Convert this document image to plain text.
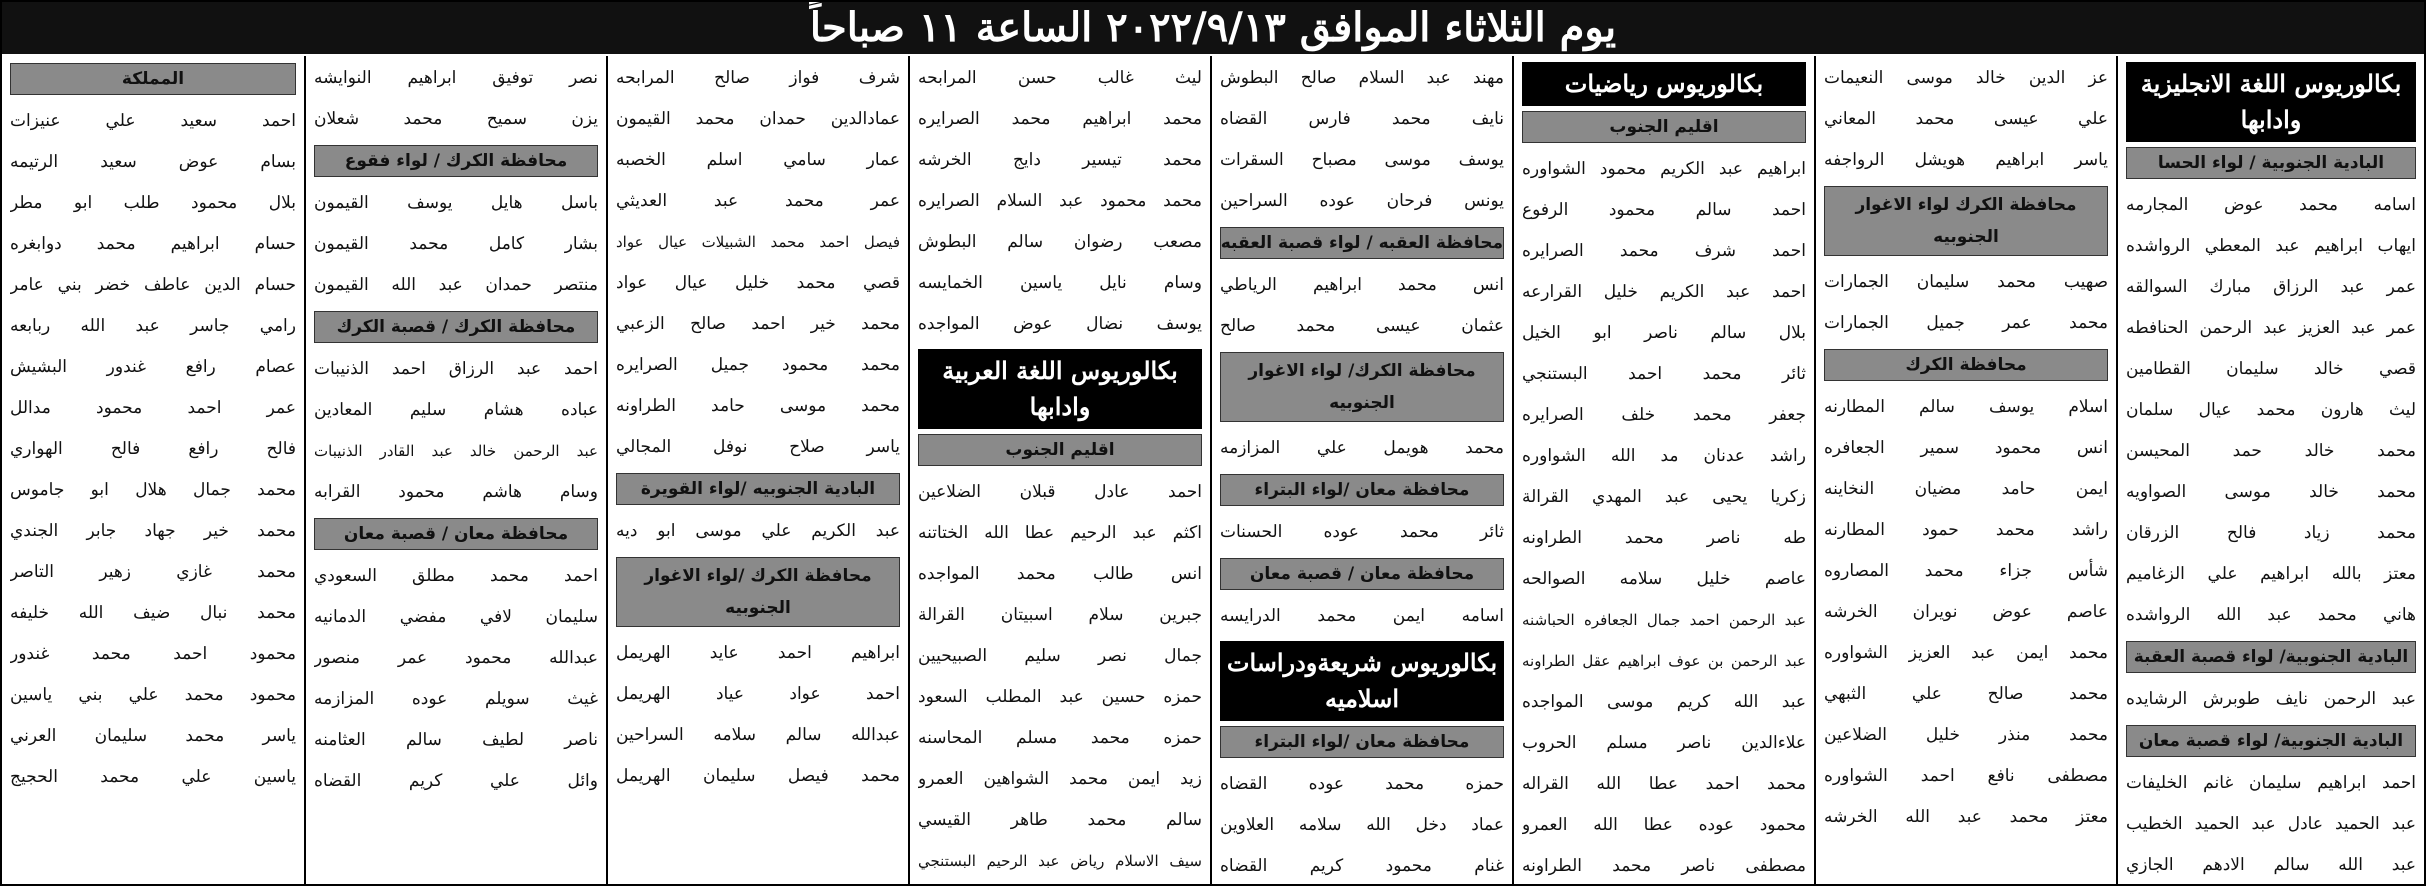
يوم الثلاثاء الموافق ٢٠٢٢/٩/١٣ الساعة ١١ صباحاً
بكالوريوس اللغة الانجليزية وادابها
البادية الجنوبية / لواء الحسا
اسامه محمد عوض المجارمه
ايهاب ابراهيم عبد المعطي الرواشده
عمر عبد الرزاق مبارك السوالقه
عمر عبد العزيز عبد الرحمن الحنافطه
قصي خالد سليمان القطامين
ليث هارون محمد عيال سلمان
محمد خالد حمد المحيسن
محمد خالد موسى الصواويه
محمد زياد فالح الزرقان
معتز بالله ابراهيم علي الزغاميم
هاني محمد عبد الله الرواشده
البادية الجنوبية/ لواء قصبة العقبة
عبد الرحمن نايف طوبرش الرشايده
البادية الجنوبية/ لواء قصبة معان
احمد ابراهيم سليمان غانم الخليفات
عبد الحميد عادل عبد الحميد الخطيب
عبد الله سالم الادهم الجازي
عز الدين خالد موسى النعيمات
علي عيسى محمد المعاني
ياسر ابراهيم هويشل الرواجفه
محافظة الكرك لواء الاغوار الجنوبيه
صهيب محمد سليمان الجمارات
محمد عمر جميل الجمارات
محافظة الكرك
اسلام يوسف سالم المطارنه
انس محمود سمير الجعافره
ايمن حامد مضيان النخاينه
راشد محمد حمود المطارنه
شأس جزاء محمد المصاروه
عاصم عوض نويران الخرشه
محمد ايمن عبد العزيز الشواوره
محمد صالح علي الثبهي
محمد منذر خليل الضلاعين
مصطفى نافع احمد الشواوره
معتز محمد عبد الله الخرشه
بكالوريوس رياضيات
اقليم الجنوب
ابراهيم عبد الكريم محمود الشواوره
احمد سالم محمود الرفوع
احمد شرف محمد الصرايره
احمد عبد الكريم خليل القرارعه
بلال سالم ناصر ابو الخيل
ثائر محمد احمد البستنجي
جعفر محمد خلف الصرايره
راشد عدنان مد الله الشواوره
زكريا يحيى عبد المهدي القرالة
طه ناصر محمد الطراونه
عاصم خليل سلامه الصوالحه
عبد الرحمن احمد جمال الجعافره الحباشنه
عبد الرحمن بن عوف ابراهيم عقل الطراونه
عبد الله كريم موسى المواجده
علاءالدين ناصر مسلم الحروب
محمد احمد عطا الله القراله
محمود عوده عطا الله العمرو
مصطفى ناصر محمد الطراونه
مهند عبد السلام صالح البطوش
نايف محمد فارس القضاه
يوسف موسى مصباح السقرات
يونس فرحان عوده السراحين
محافظة العقبه / لواء قصبة العقبه
انس محمد ابراهيم الرياطي
عثمان عيسى محمد صالح
محافظة الكرك/ لواء الاغوار الجنوبيه
محمد هويمل علي المزازمه
محافظة معان /لواء البتراء
ثائر محمد عوده الحسنات
محافظة معان / قصبة معان
اسامه ايمن محمد الدرايسه
بكالوريوس شريعةودراسات اسلاميه
محافظة معان /لواء البتراء
حمزه محمد عوده القضاه
عماد دخل الله سلامه العلاوين
غنام محمود كريم القضاه
ليث غالب حسن المرابحه
محمد ابراهيم محمد الصرايره
محمد تيسير دايج الخرشه
محمد محمود عبد السلام الصرايره
مصعب رضوان سالم البطوش
وسام نايل ياسين الخمايسه
يوسف نضال عوض المواجده
بكالوريوس اللغة العربية وادابها
اقليم الجنوب
احمد عادل قبلان الضلاعين
اكثم عبد الرحيم عطا الله الختاتنه
انس طالب محمد المواجده
جبرين سلام اسبيتان القرالة
جمال نصر سليم الصبيحيين
حمزه حسين عبد المطلب السعود
حمزه محمد مسلم المحاسنه
زيد ايمن محمد الشواهين العمرو
سالم محمد طاهر القيسي
سيف الاسلام رياض عبد الرحيم البستنجي
شرف فواز صالح المرابحه
عمادالدين حمدان محمد القيمون
عمار سامي اسلم الخصبه
عمر محمد عبد العديثي
فيصل احمد محمد الشبيلات عيال عواد
قصي محمد خليل عيال عواد
محمد خير احمد صالح الزعبي
محمد محمود جميل الصرايره
محمد موسى حامد الطراونه
ياسر صلاح نوفل المجالي
البادية الجنوبيه /لواء القويرة
عبد الكريم علي موسى ابو ديه
محافظة الكرك /لواء الاغوار الجنوبيه
ابراهيم احمد عايد الهريمل
احمد عواد عياد الهريمل
عبدالله سالم سلامه السراحين
محمد فيصل سليمان الهريمل
نصر توفيق ابراهيم النوايشه
يزن سميح محمد شعلان
محافظة الكرك / لواء فقوع
باسل هايل يوسف القيمون
بشار كامل محمد القيمون
منتصر حمدان عبد الله القيمون
محافظة الكرك / قصبة الكرك
احمد عبد الرزاق احمد الذنيبات
عباده هشام سليم المعادين
عبد الرحمن خالد عبد القادر الذنيبات
وسام هاشم محمود القرابه
محافظة معان / قصبة معان
احمد محمد مطلق السعودي
سليمان لافي مفضي الدمانيه
عبدالله محمود عمر منصور
غيث سويلم عوده المزازمه
ناصر لطيف سالم العثامنه
وائل علي كريم القضاه
المملكة
احمد سعيد علي عنيزات
بسام عوض سعيد الرتيمه
بلال محمود طلب ابو مطر
حسام ابراهيم محمد دوابغره
حسام الدين عاطف خضر بني عامر
رامي جاسر عبد الله ربابعه
عصام رافع غندور البشيش
عمر احمد محمود مدالل
فالح رافع فالح الهواري
محمد جمال هلال ابو جاموس
محمد خير جهاد جابر الجندي
محمد غازي زهير التاصر
محمد نبال ضيف الله خليفه
محمود احمد محمد غندور
محمود محمد علي بني ياسين
ياسر محمد سليمان العرني
ياسين علي محمد الحجيج
